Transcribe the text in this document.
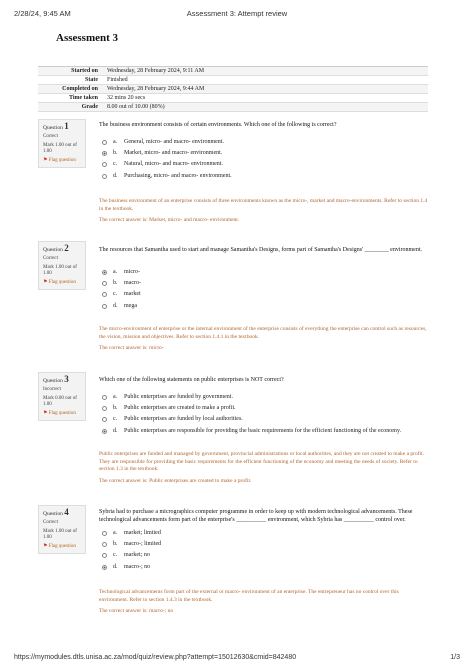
2/28/24, 9:45 AM	Assessment 3: Attempt review
Assessment 3
Started on	Wednesday, 28 February 2024, 9:11 AM
State	Finished
Completed on	Wednesday, 28 February 2024, 9:44 AM
Time taken	32 mins 20 secs
Grade	8.00 out of 10.00 (80%)
Question 1
Correct
Mark 1.00 out of 1.00
⚑ Flag question
The business environment consists of certain environments. Which one of the following is correct?
a.	General, micro- and macro- environment.
b.	Market, micro- and macro- environment.
c.	Natural, micro- and macro- environment.
d.	Purchasing, micro- and macro- environment.
The business environment of an enterprise consists of three environments known as the micro-, market and macro-environments. Refer to section 1.4 in the textbook.
The correct answer is: Market, micro- and macro- environment.
Question 2
Correct
Mark 1.00 out of 1.00
⚑ Flag question
The resources that Samantha used to start and manage Samantha's Designs, forms part of Samantha's Designs' ________ environment.
a.	micro-
b.	macro-
c.	market
d.	mega
The micro-environment of enterprise or the internal environment of the enterprise consists of everything the enterprise can control such as resources, the vision, mission and objectives. Refer to section 1.4.1 in the textbook.
The correct answer is: micro-
Question 3
Incorrect
Mark 0.00 out of 1.00
⚑ Flag question
Which one of the following statements on public enterprises is NOT correct?
a.	Public enterprises are funded by government.
b.	Public enterprises are created to make a profit.
c.	Public enterprises are funded by local authorities.
d.	Public enterprises are responsible for providing the basic requirements for the efficient functioning of the economy.
Public enterprises are funded and managed by government, provincial administrations or local authorities, and they are not created to make a profit. They are responsible for providing the basic requirements for the efficient functioning of the economy and meeting the needs of society. Refer to section 1.3 in the textbook.
The correct answer is: Public enterprises are created to make a profit.
Question 4
Correct
Mark 1.00 out of 1.00
⚑ Flag question
Sybria had to purchase a micrographics computer programme in order to keep up with modern technological advancements. These technological advancements form part of the enterprise's __________ environment, which Sybria has __________ control over.
a.	market; limited
b.	macro-; limited
c.	market; no
d.	macro-; no
Technological advancements form part of the external or macro- environment of an enterprise. The entrepreneur has no control over this environment. Refer to section 1.4.3 in the textbook.
The correct answer is: macro-; no
https://mymodules.dtls.unisa.ac.za/mod/quiz/review.php?attempt=15012630&cmid=842480	1/3
